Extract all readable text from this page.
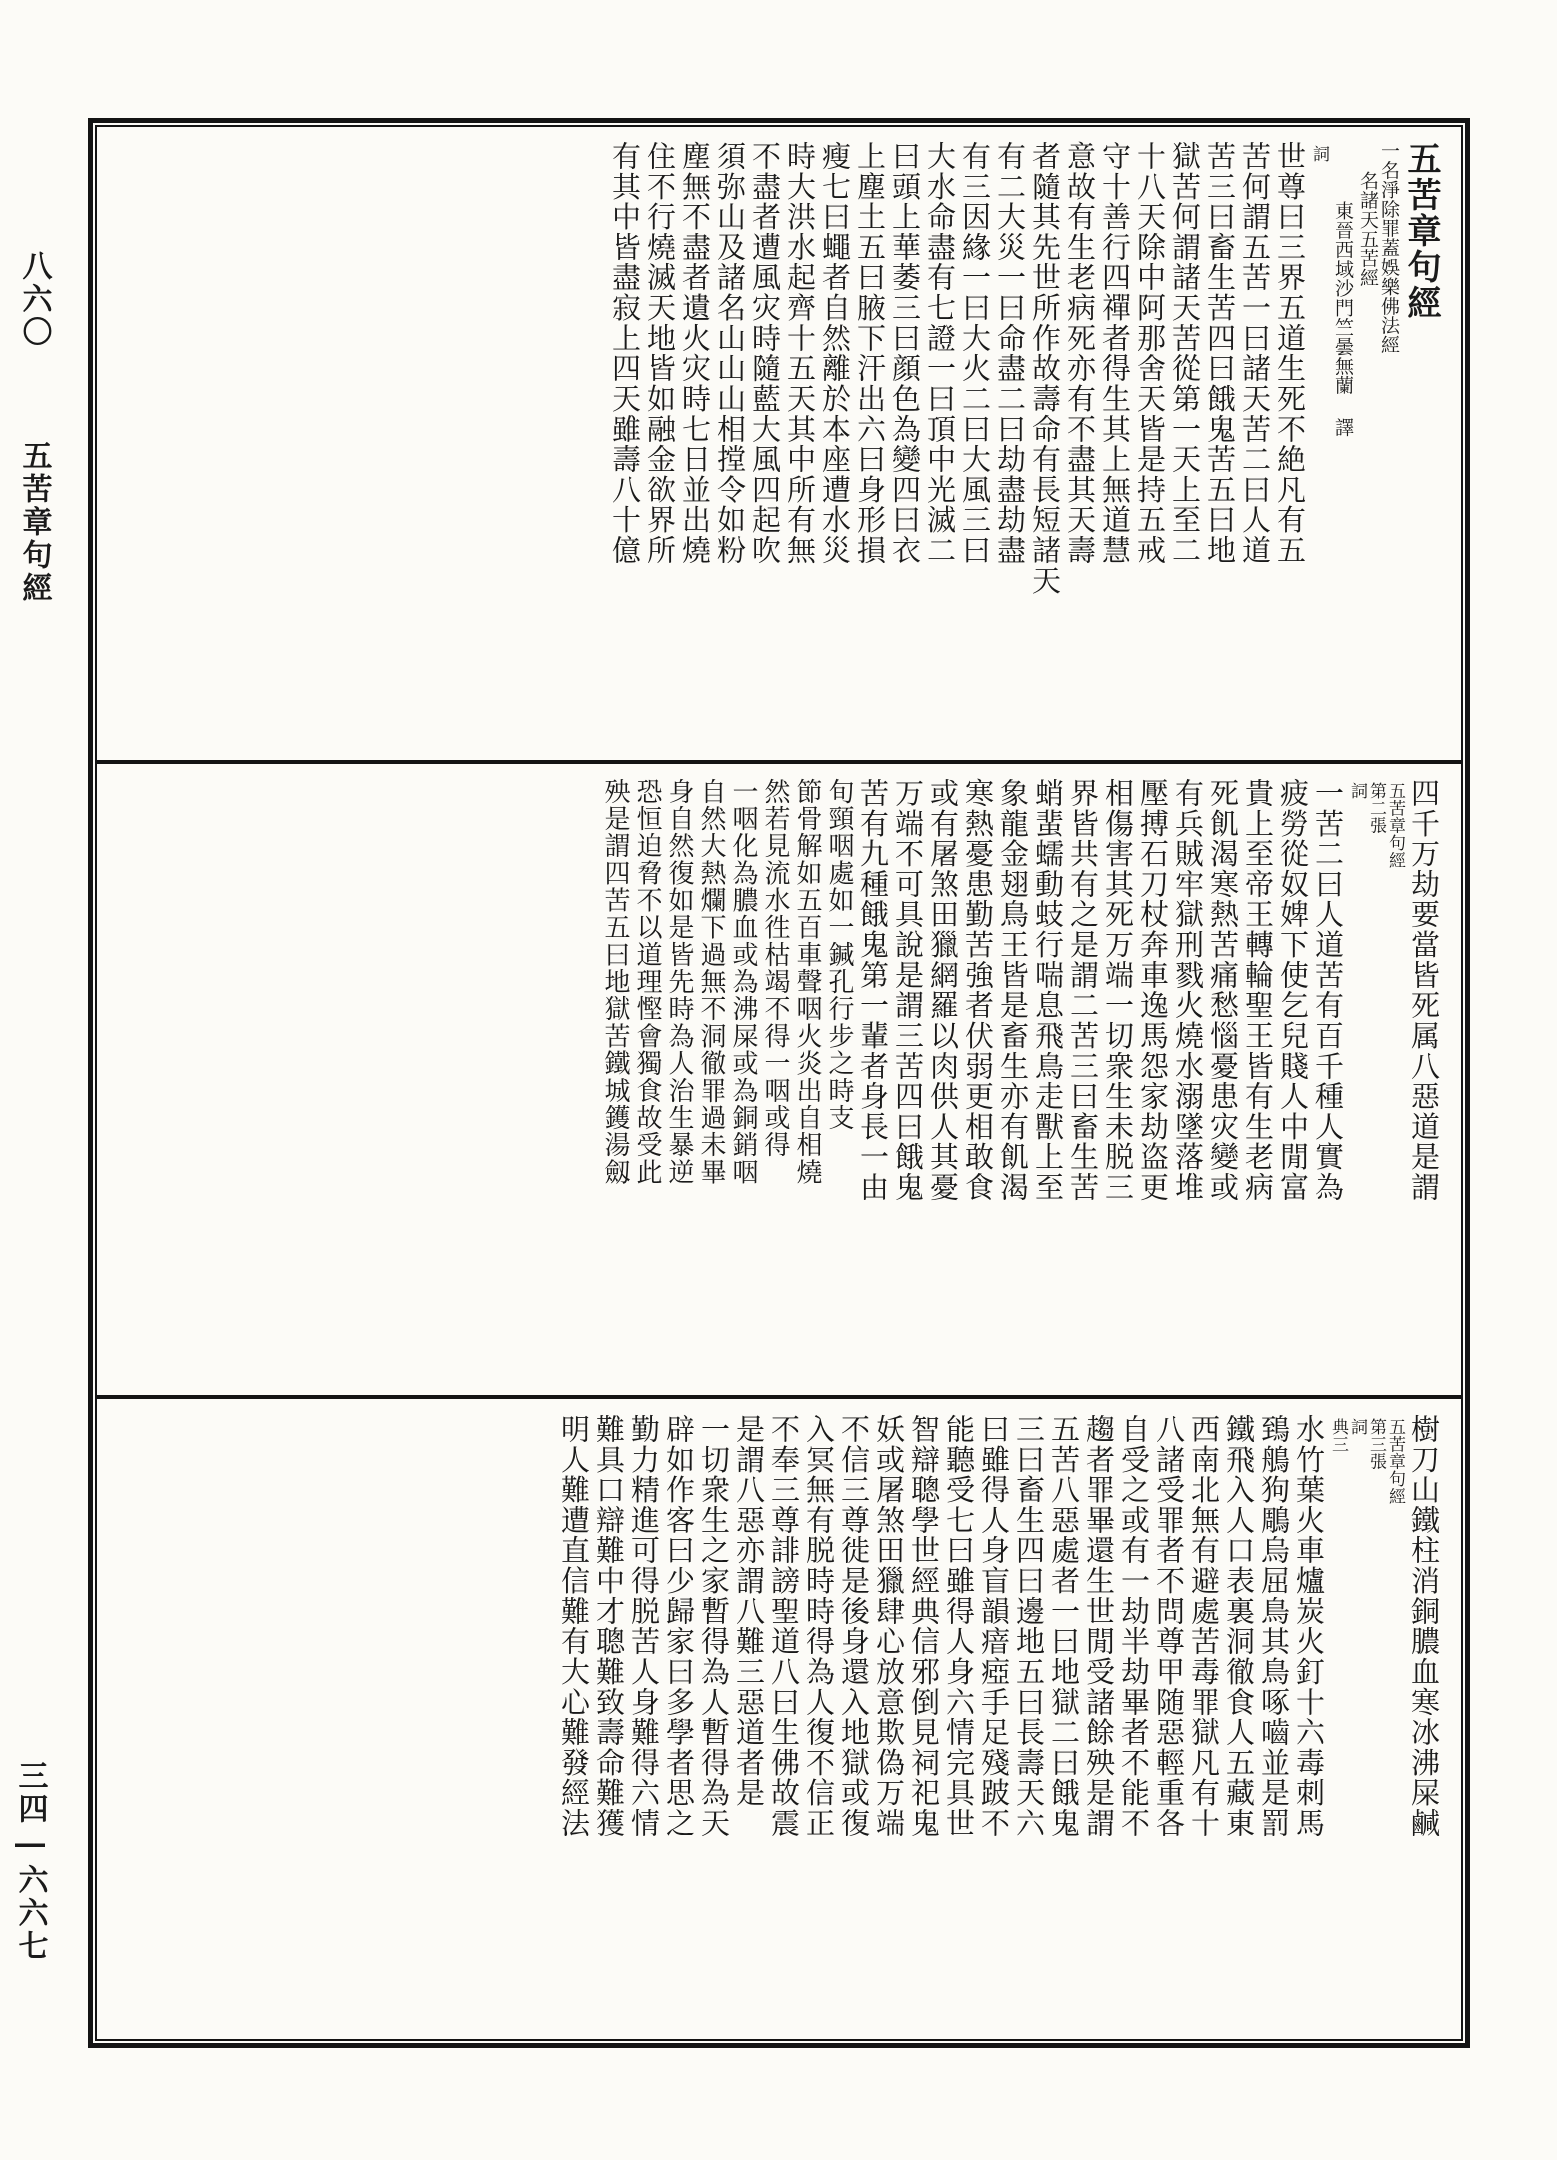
八六〇
五苦章句經
三四―六六七
五苦章句經
一名淨除罪蓋娛樂佛法經
名諸天五苦經
東晉西域沙門竺曇無蘭 譯
詞
世尊曰三界五道生死不絶凡有五
苦何謂五苦一曰諸天苦二曰人道
苦三曰畜生苦四曰餓鬼苦五曰地
獄苦何謂諸天苦從第一天上至二
十八天除中阿那舍天皆是持五戒
守十善行四禪者得生其上無道慧
意故有生老病死亦有不盡其天壽
者隨其先世所作故壽命有長短諸天
有二大災一曰命盡二曰劫盡劫盡
有三因緣一曰大火二曰大風三曰
大水命盡有七證一曰頂中光滅二
曰頭上華萎三曰顔色為變四曰衣
上塵土五曰腋下汗出六曰身形損
瘦七曰蠅者自然離於本座遭水災
時大洪水起齊十五天其中所有無
不盡者遭風灾時隨藍大風四起吹
須弥山及諸名山山山相摚令如粉
塵無不盡者遺火灾時七日並出燒
住不行燒滅天地皆如融金欲界所
有其中皆盡寂上四天雖壽八十億
四千万劫要當皆死属八惡道是謂
五苦章句經
第二張
詞
一苦二曰人道苦有百千種人實為
疲勞從奴婢下使乞兒賤人中閒富
貴上至帝王轉輪聖王皆有生老病
死飢渴寒熱苦痛愁惱憂患灾變或
有兵賊牢獄刑戮火燒水溺墜落堆
壓搏石刀杖奔車逸馬怨家劫盗更
相傷害其死万端一切衆生未脱三
界皆共有之是謂二苦三曰畜生苦
蛸蜚蠕動蚑行喘息飛鳥走獸上至
象龍金翅鳥王皆是畜生亦有飢渴
寒熱憂患勤苦強者伏弱更相敢食
或有屠煞田獵網羅以肉供人其憂
万端不可具說是謂三苦四曰餓鬼
苦有九種餓鬼第一輩者身長一由
旬頸咽處如一鍼孔行步之時支
節骨解如五百車聲咽火炎出自相燒
然若見流水徃枯竭不得一咽或得
一咽化為膿血或為沸屎或為銅銷咽
自然大熱爛下過無不洞徹罪過未畢
身自然復如是皆先時為人治生暴逆
恐恒迫脅不以道理慳會獨食故受此
殃是謂四苦五曰地獄苦鐵城鑊湯劔
樹刀山鐵柱消銅膿血寒冰沸屎鹹
五苦章句經
第三張
詞
典三
水竹葉火車爐炭火釘十六毒刺馬
鵄鵃狗鵰烏屈鳥其鳥啄嚙並是罰
鐵飛入人口表裏洞徹食人五藏東
西南北無有避處苦毒罪獄凡有十
八諸受罪者不問尊甲随惡輕重各
自受之或有一劫半劫畢者不能不
趨者罪畢還生世閒受諸餘殃是謂
五苦八惡處者一曰地獄二曰餓鬼
三曰畜生四曰邊地五曰長壽天六
曰雖得人身盲韻瘖瘂手足殘跛不
能聽受七曰雖得人身六情完具世
智辯聰學世經典信邪倒見祠祀鬼
妖或屠煞田獵肆心放意欺偽万端
不信三尊徙是後身還入地獄或復
入冥無有脱時時得為人復不信正
不奉三尊誹謗聖道八曰生佛故震
是謂八惡亦謂八難三惡道者是
一切衆生之家暫得為人暫得為天
辟如作客曰少歸家曰多學者思之
勤力精進可得脱苦人身難得六情
難具口辯難中才聰難致壽命難獲
明人難遭直信難有大心難發經法
